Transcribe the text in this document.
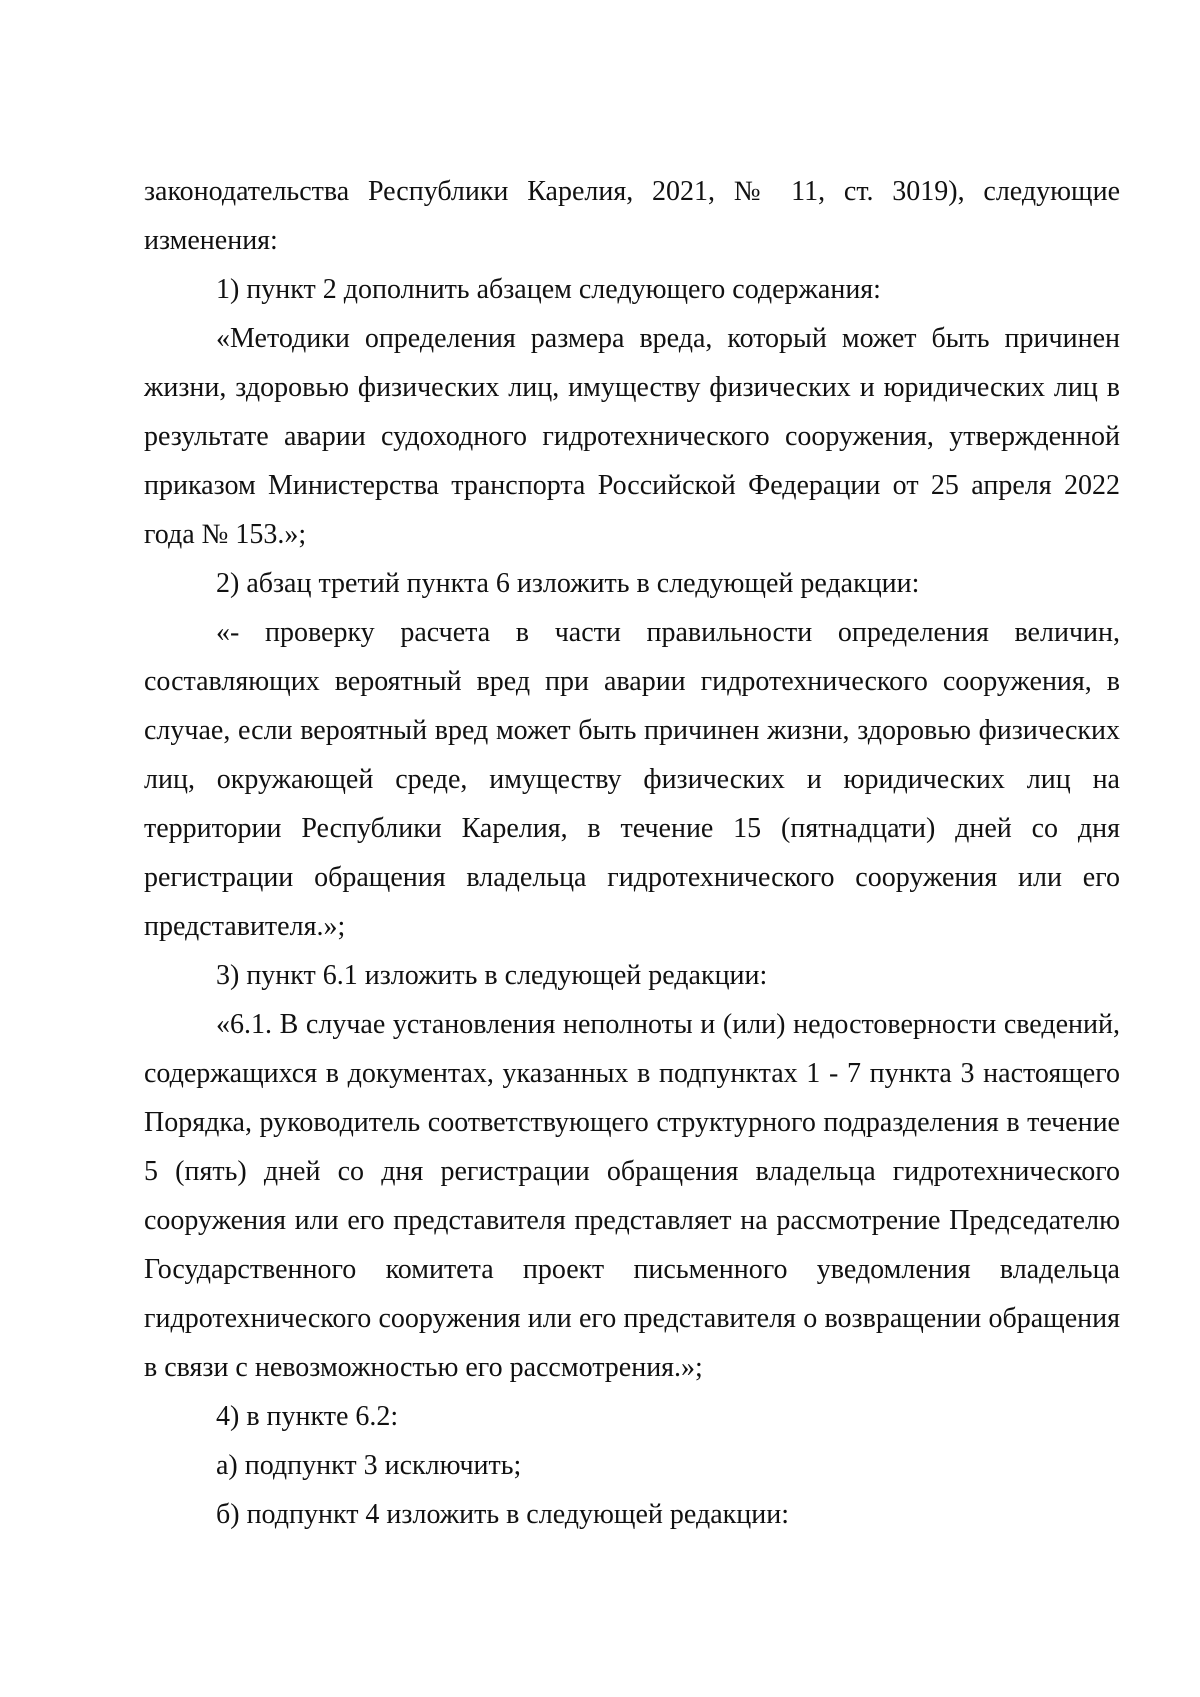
законодательства Республики Карелия, 2021, № 11, ст. 3019), следующие изменения:

1) пункт 2 дополнить абзацем следующего содержания:

«Методики определения размера вреда, который может быть причинен жизни, здоровью физических лиц, имуществу физических и юридических лиц в результате аварии судоходного гидротехнического сооружения, утвержденной приказом Министерства транспорта Российской Федерации от 25 апреля 2022 года № 153.»;

2) абзац третий пункта 6 изложить в следующей редакции:

«- проверку расчета в части правильности определения величин, составляющих вероятный вред при аварии гидротехнического сооружения, в случае, если вероятный вред может быть причинен жизни, здоровью физических лиц, окружающей среде, имуществу физических и юридических лиц на территории Республики Карелия, в течение 15 (пятнадцати) дней со дня регистрации обращения владельца гидротехнического сооружения или его представителя.»;

3) пункт 6.1 изложить в следующей редакции:

«6.1. В случае установления неполноты и (или) недостоверности сведений, содержащихся в документах, указанных в подпунктах 1 - 7 пункта 3 настоящего Порядка, руководитель соответствующего структурного подразделения в течение 5 (пять) дней со дня регистрации обращения владельца гидротехнического сооружения или его представителя представляет на рассмотрение Председателю Государственного комитета проект письменного уведомления владельца гидротехнического сооружения или его представителя о возвращении обращения в связи с невозможностью его рассмотрения.»;

4) в пункте 6.2:

а) подпункт 3 исключить;

б) подпункт 4 изложить в следующей редакции:
